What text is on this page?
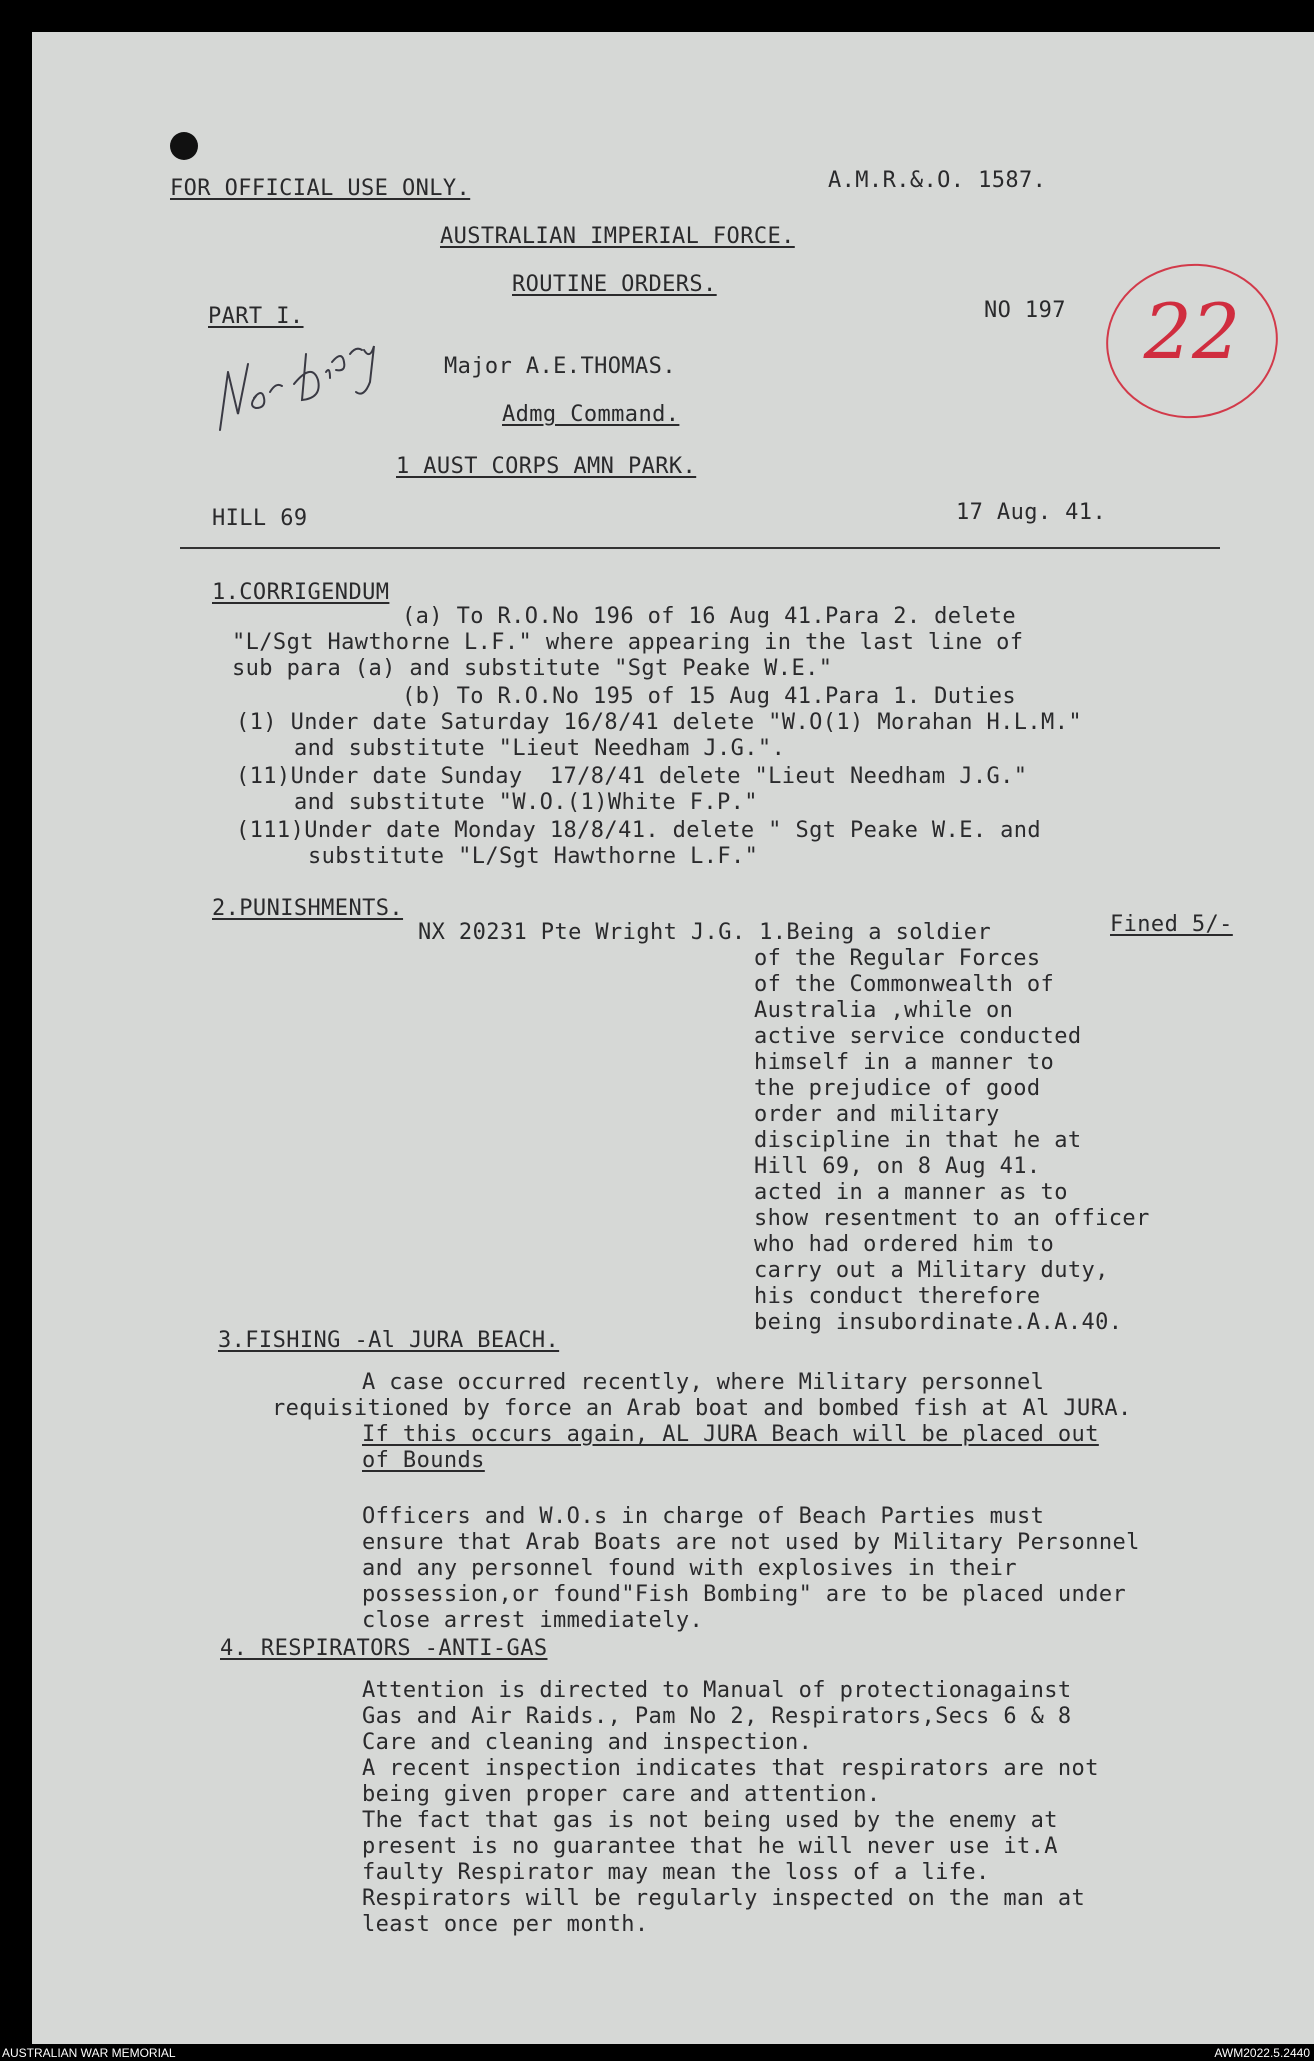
FOR OFFICIAL USE ONLY.	A.M.R.&.O. 1587.
AUSTRALIAN IMPERIAL FORCE.
ROUTINE ORDERS.
PART I.	NO 197
Major A.E.THOMAS.
Admg Command.
1 AUST CORPS AMN PARK.
HILL 69	17 Aug. 41.
22
1.CORRIGENDUM
(a) To R.O.No 196 of 16 Aug 41.Para 2. delete
"L/Sgt Hawthorne L.F." where appearing in the last line of
sub para (a) and substitute "Sgt Peake W.E."
(b) To R.O.No 195 of 15 Aug 41.Para 1. Duties
(1) Under date Saturday 16/8/41 delete "W.O(1) Morahan H.L.M."
and substitute "Lieut Needham J.G.".
(11)Under date Sunday  17/8/41 delete "Lieut Needham J.G."
and substitute "W.O.(1)White F.P."
(111)Under date Monday 18/8/41. delete " Sgt Peake W.E. and
substitute "L/Sgt Hawthorne L.F."
2.PUNISHMENTS.
NX 20231 Pte Wright J.G. 1.Being a soldier	Fined 5/-
of the Regular Forces
of the Commonwealth of
Australia ,while on
active service conducted
himself in a manner to
the prejudice of good
order and military
discipline in that he at
Hill 69, on 8 Aug 41.
acted in a manner as to
show resentment to an officer
who had ordered him to
carry out a Military duty,
his conduct therefore
being insubordinate.A.A.40.
3.FISHING -Al JURA BEACH.
A case occurred recently, where Military personnel
requisitioned by force an Arab boat and bombed fish at Al JURA.
If this occurs again, AL JURA Beach will be placed out
of Bounds
Officers and W.O.s in charge of Beach Parties must
ensure that Arab Boats are not used by Military Personnel
and any personnel found with explosives in their
possession,or found"Fish Bombing" are to be placed under
close arrest immediately.
4. RESPIRATORS -ANTI-GAS
Attention is directed to Manual of protectionagainst
Gas and Air Raids., Pam No 2, Respirators,Secs 6 & 8
Care and cleaning and inspection.
A recent inspection indicates that respirators are not
being given proper care and attention.
The fact that gas is not being used by the enemy at
present is no guarantee that he will never use it.A
faulty Respirator may mean the loss of a life.
Respirators will be regularly inspected on the man at
least once per month.
AUSTRALIAN WAR MEMORIAL	AWM2022.5.2440
